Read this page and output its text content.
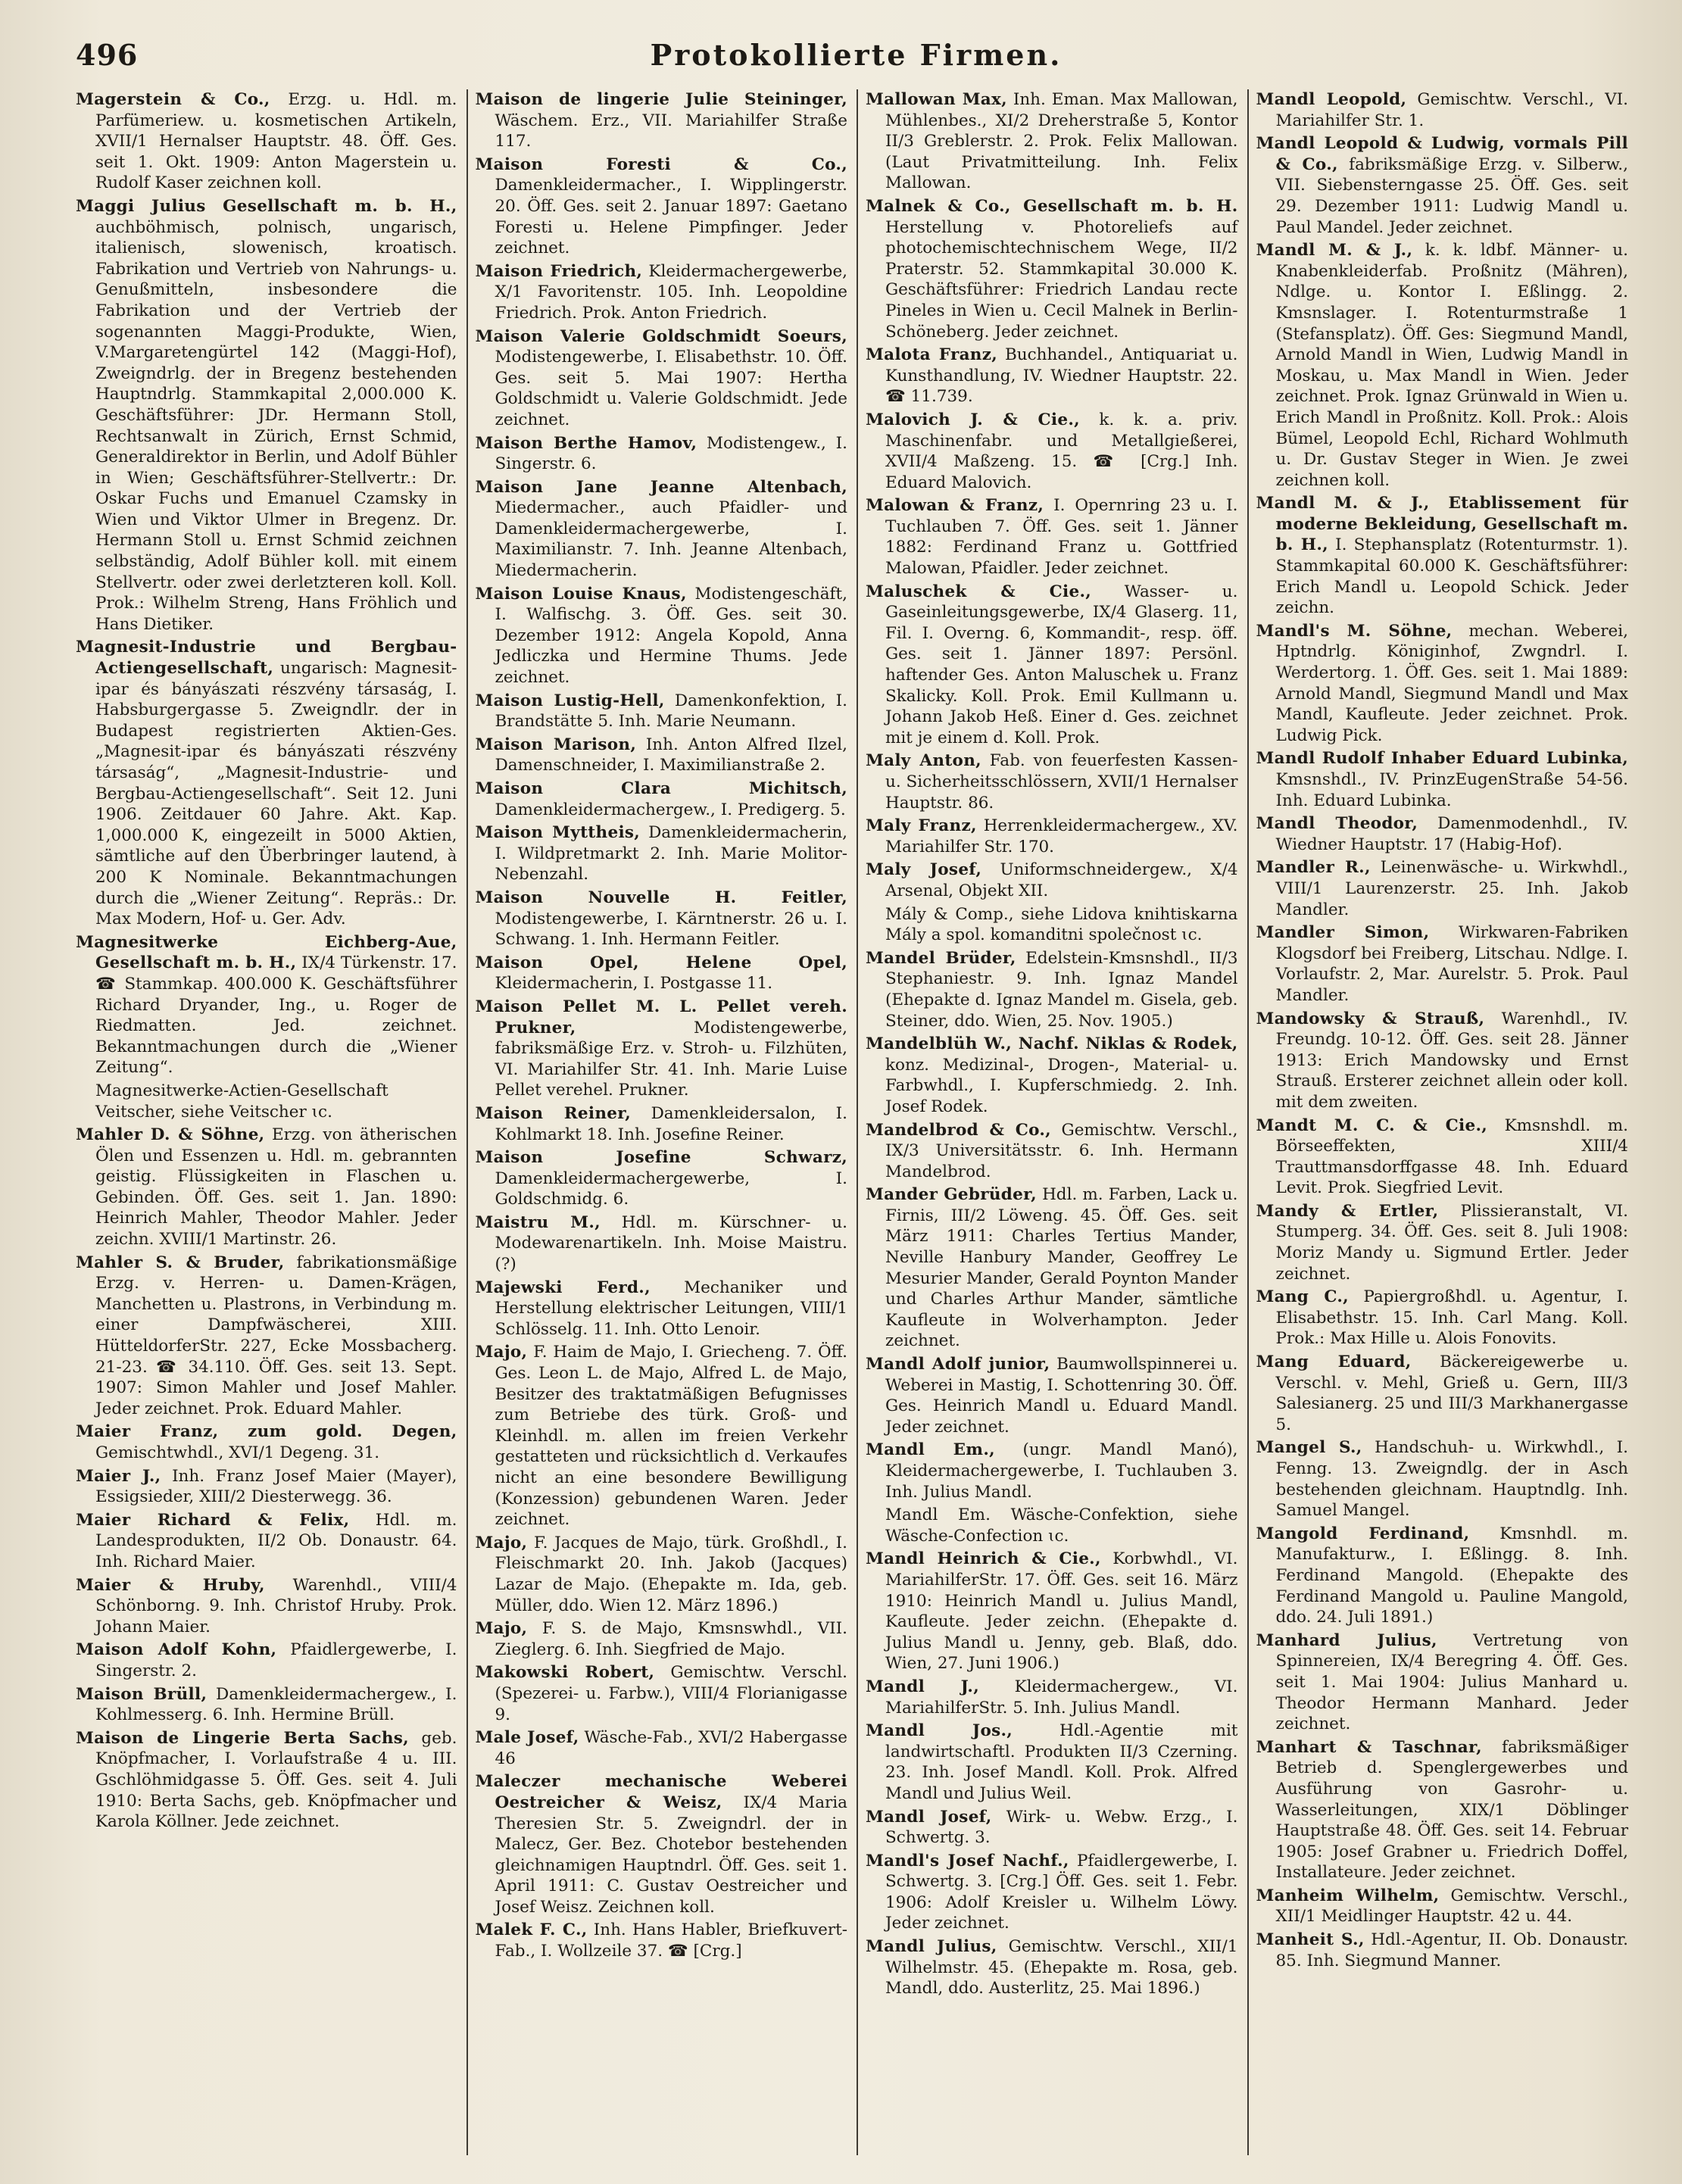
496	Protokollierte Firmen.

Magerstein & Co., Erzg. u. Hdl. m. Parfümeriew. u. kosmetischen Artikeln, XVII/1 Hernalser Hauptstr. 48. Öff. Ges. seit 1. Okt. 1909: Anton Magerstein u. Rudolf Kaser zeichnen koll.

Maggi Julius Gesellschaft m. b. H., auchböhmisch, polnisch, ungarisch, italienisch, slowenisch, kroatisch. Fabrikation und Vertrieb von Nahrungs- u. Genußmitteln, insbesondere die Fabrikation und der Vertrieb der sogenannten Maggi-Produkte, Wien, V.Margaretengürtel 142 (Maggi-Hof), Zweigndrlg. der in Bregenz bestehenden Hauptndrlg. Stammkapital 2,000.000 K. Geschäftsführer: JDr. Hermann Stoll, Rechtsanwalt in Zürich, Ernst Schmid, Generaldirektor in Berlin, und Adolf Bühler in Wien; Geschäftsführer-Stellvertr.: Dr. Oskar Fuchs und Emanuel Czamsky in Wien und Viktor Ulmer in Bregenz. Dr. Hermann Stoll u. Ernst Schmid zeichnen selbständig, Adolf Bühler koll. mit einem Stellvertr. oder zwei derletzteren koll. Koll. Prok.: Wilhelm Streng, Hans Fröhlich und Hans Dietiker.

Magnesit-Industrie und Bergbau-Actiengesellschaft, ungarisch: Magnesit-ipar és bányászati részvény társaság, I. Habsburgergasse 5. Zweigndlr. der in Budapest registrierten Aktien-Ges. „Magnesit-ipar és bányászati részvény társaság“, „Magnesit-Industrie- und Bergbau-Actiengesellschaft“. Seit 12. Juni 1906. Zeitdauer 60 Jahre. Akt. Kap. 1,000.000 K, eingezeilt in 5000 Aktien, sämtliche auf den Überbringer lautend, à 200 K Nominale. Bekanntmachungen durch die „Wiener Zeitung“. Repräs.: Dr. Max Modern, Hof- u. Ger. Adv.

Magnesitwerke Eichberg-Aue, Gesellschaft m. b. H., IX/4 Türkenstr. 17. ☎ Stammkap. 400.000 K. Geschäftsführer Richard Dryander, Ing., u. Roger de Riedmatten. Jed. zeichnet. Bekanntmachungen durch die „Wiener Zeitung“.

Magnesitwerke-Actien-Gesellschaft Veitscher, siehe Veitscher ɩc.

Mahler D. & Söhne, Erzg. von ätherischen Ölen und Essenzen u. Hdl. m. gebrannten geistig. Flüssigkeiten in Flaschen u. Gebinden. Öff. Ges. seit 1. Jan. 1890: Heinrich Mahler, Theodor Mahler. Jeder zeichn. XVIII/1 Martinstr. 26.

Mahler S. & Bruder, fabrikationsmäßige Erzg. v. Herren- u. Damen-Krägen, Manchetten u. Plastrons, in Verbindung m. einer Dampfwäscherei, XIII. HütteldorferStr. 227, Ecke Mossbacherg. 21-23. ☎ 34.110. Öff. Ges. seit 13. Sept. 1907: Simon Mahler und Josef Mahler. Jeder zeichnet. Prok. Eduard Mahler.

Maier Franz, zum gold. Degen, Gemischtwhdl., XVI/1 Degeng. 31.

Maier J., Inh. Franz Josef Maier (Mayer), Essigsieder, XIII/2 Diesterwegg. 36.

Maier Richard & Felix, Hdl. m. Landesprodukten, II/2 Ob. Donaustr. 64. Inh. Richard Maier.

Maier & Hruby, Warenhdl., VIII/4 Schönborng. 9. Inh. Christof Hruby. Prok. Johann Maier.

Maison Adolf Kohn, Pfaidlergewerbe, I. Singerstr. 2.

Maison Brüll, Damenkleidermachergew., I. Kohlmesserg. 6. Inh. Hermine Brüll.

Maison de Lingerie Berta Sachs, geb. Knöpfmacher, I. Vorlaufstraße 4 u. III. Gschlöhmidgasse 5. Öff. Ges. seit 4. Juli 1910: Berta Sachs, geb. Knöpfmacher und Karola Köllner. Jede zeichnet.

Maison de lingerie Julie Steininger, Wäschem. Erz., VII. Mariahilfer Straße 117.

Maison Foresti & Co., Damenkleidermacher., I. Wipplingerstr. 20. Öff. Ges. seit 2. Januar 1897: Gaetano Foresti u. Helene Pimpfinger. Jeder zeichnet.

Maison Friedrich, Kleidermachergewerbe, X/1 Favoritenstr. 105. Inh. Leopoldine Friedrich. Prok. Anton Friedrich.

Maison Valerie Goldschmidt Soeurs, Modistengewerbe, I. Elisabethstr. 10. Öff. Ges. seit 5. Mai 1907: Hertha Goldschmidt u. Valerie Goldschmidt. Jede zeichnet.

Maison Berthe Hamov, Modistengew., I. Singerstr. 6.

Maison Jane Jeanne Altenbach, Miedermacher., auch Pfaidler- und Damenkleidermachergewerbe, I. Maximilianstr. 7. Inh. Jeanne Altenbach, Miedermacherin.

Maison Louise Knaus, Modistengeschäft, I. Walfischg. 3. Öff. Ges. seit 30. Dezember 1912: Angela Kopold, Anna Jedliczka und Hermine Thums. Jede zeichnet.

Maison Lustig-Hell, Damenkonfektion, I. Brandstätte 5. Inh. Marie Neumann.

Maison Marison, Inh. Anton Alfred Ilzel, Damenschneider, I. Maximilianstraße 2.

Maison Clara Michitsch, Damenkleidermachergew., I. Predigerg. 5.

Maison Myttheis, Damenkleidermacherin, I. Wildpretmarkt 2. Inh. Marie Molitor-Nebenzahl.

Maison Nouvelle H. Feitler, Modistengewerbe, I. Kärntnerstr. 26 u. I. Schwang. 1. Inh. Hermann Feitler.

Maison Opel, Helene Opel, Kleidermacherin, I. Postgasse 11.

Maison Pellet M. L. Pellet vereh. Prukner,	Modistengewerbe, fabriksmäßige Erz. v. Stroh- u. Filzhüten, VI. Mariahilfer Str. 41. Inh. Marie Luise Pellet verehel. Prukner.

Maison Reiner, Damenkleidersalon, I. Kohlmarkt 18. Inh. Josefine Reiner.

Maison Josefine Schwarz, Damenkleidermachergewerbe, I. Goldschmidg. 6.

Maistru M., Hdl. m. Kürschner- u. Modewarenartikeln. Inh. Moise Maistru. (?)

Majewski Ferd., Mechaniker und Herstellung elektrischer Leitungen, VIII/1 Schlösselg. 11. Inh. Otto Lenoir.

Majo, F. Haim de Majo, I. Griecheng. 7. Öff. Ges. Leon L. de Majo, Alfred L. de Majo, Besitzer des traktatmäßigen Befugnisses zum Betriebe des türk. Groß- und Kleinhdl. m. allen im freien Verkehr gestatteten und rücksichtlich d. Verkaufes nicht an eine besondere Bewilligung (Konzession) gebundenen Waren. Jeder zeichnet.

Majo, F. Jacques de Majo, türk. Großhdl., I. Fleischmarkt 20. Inh. Jakob (Jacques) Lazar de Majo. (Ehepakte m. Ida, geb. Müller, ddo. Wien 12. März 1896.)

Majo, F. S. de Majo, Kmsnswhdl., VII. Zieglerg. 6. Inh. Siegfried de Majo.

Makowski Robert, Gemischtw. Verschl. (Spezerei- u. Farbw.), VIII/4 Florianigasse 9.

Male Josef, Wäsche-Fab., XVI/2 Habergasse 46

Maleczer mechanische Weberei Oestreicher & Weisz, IX/4 Maria Theresien Str. 5. Zweigndrl. der in Malecz, Ger. Bez. Chotebor bestehenden gleichnamigen Hauptndrl. Öff. Ges. seit 1. April 1911: C. Gustav Oestreicher und Josef Weisz. Zeichnen koll.

Malek F. C., Inh. Hans Habler, Briefkuvert-Fab., I. Wollzeile 37. ☎ [Crg.]

Mallowan Max, Inh. Eman. Max Mallowan, Mühlenbes., XI/2 Dreherstraße 5, Kontor II/3 Greblerstr. 2. Prok. Felix Mallowan. (Laut Privatmitteilung. Inh. Felix Mallowan.

Malnek & Co., Gesellschaft m. b. H. Herstellung v. Photoreliefs auf photochemischtechnischem Wege, II/2 Praterstr. 52. Stammkapital 30.000 K. Geschäftsführer: Friedrich Landau recte Pineles in Wien u. Cecil Malnek in Berlin-Schöneberg. Jeder zeichnet.

Malota Franz, Buchhandel., Antiquariat u. Kunsthandlung, IV. Wiedner Hauptstr. 22. ☎ 11.739.

Malovich J. & Cie., k. k. a. priv. Maschinenfabr. und Metallgießerei, XVII/4 Maßzeng. 15. ☎ [Crg.] Inh. Eduard Malovich.

Malowan & Franz, I. Opernring 23 u. I. Tuchlauben 7. Öff. Ges. seit 1. Jänner 1882: Ferdinand Franz u. Gottfried Malowan, Pfaidler. Jeder zeichnet.

Maluschek & Cie., Wasser- u. Gaseinleitungsgewerbe, IX/4 Glaserg. 11, Fil. I. Overng. 6, Kommandit-, resp. öff. Ges. seit 1. Jänner 1897: Persönl. haftender Ges. Anton Maluschek u. Franz Skalicky. Koll. Prok. Emil Kullmann u. Johann Jakob Heß. Einer d. Ges. zeichnet mit je einem d. Koll. Prok.

Maly Anton, Fab. von feuerfesten Kassen- u. Sicherheitsschlössern, XVII/1 Hernalser Hauptstr. 86.

Maly Franz, Herrenkleidermachergew., XV. Mariahilfer Str. 170.

Maly Josef, Uniformschneidergew., X/4 Arsenal, Objekt XII.

Mály & Comp., siehe Lidova knihtiskarna Mály a spol. komanditni společnost ɩc.

Mandel Brüder, Edelstein-Kmsnshdl., II/3 Stephaniestr. 9. Inh. Ignaz Mandel (Ehepakte d. Ignaz Mandel m. Gisela, geb. Steiner, ddo. Wien, 25. Nov. 1905.)

Mandelblüh W., Nachf. Niklas & Rodek, konz. Medizinal-, Drogen-, Material- u. Farbwhdl., I. Kupferschmiedg. 2. Inh. Josef Rodek.

Mandelbrod & Co., Gemischtw. Verschl., IX/3 Universitätsstr. 6. Inh. Hermann Mandelbrod.

Mander Gebrüder, Hdl. m. Farben, Lack u. Firnis, III/2 Löweng. 45. Öff. Ges. seit März 1911: Charles Tertius Mander, Neville Hanbury Mander, Geoffrey Le Mesurier Mander, Gerald Poynton Mander und Charles Arthur Mander, sämtliche Kaufleute in Wolverhampton. Jeder zeichnet.

Mandl Adolf junior, Baumwollspinnerei u. Weberei in Mastig, I. Schottenring 30. Öff. Ges. Heinrich Mandl u. Eduard Mandl. Jeder zeichnet.

Mandl Em., (ungr. Mandl Manó), Kleidermachergewerbe, I. Tuchlauben 3. Inh. Julius Mandl.

Mandl Em. Wäsche-Confektion, siehe Wäsche-Confection ɩc.

Mandl Heinrich & Cie., Korbwhdl., VI. MariahilferStr. 17. Öff. Ges. seit 16. März 1910: Heinrich Mandl u. Julius Mandl, Kaufleute. Jeder zeichn. (Ehepakte d. Julius Mandl u. Jenny, geb. Blaß, ddo. Wien, 27. Juni 1906.)

Mandl J., Kleidermachergew., VI. MariahilferStr. 5. Inh. Julius Mandl.

Mandl Jos.,	Hdl.-Agentie mit landwirtschaftl. Produkten II/3 Czerning. 23. Inh. Josef Mandl. Koll. Prok. Alfred Mandl und Julius Weil.

Mandl Josef, Wirk- u. Webw. Erzg., I. Schwertg. 3.

Mandl's Josef Nachf., Pfaidlergewerbe, I. Schwertg. 3. [Crg.] Öff. Ges. seit 1. Febr. 1906: Adolf Kreisler u. Wilhelm Löwy. Jeder zeichnet.

Mandl Julius, Gemischtw. Verschl., XII/1 Wilhelmstr. 45. (Ehepakte m. Rosa, geb. Mandl, ddo. Austerlitz, 25. Mai 1896.)

Mandl Leopold, Gemischtw. Verschl., VI. Mariahilfer Str. 1.

Mandl Leopold & Ludwig, vormals Pill & Co., fabriksmäßige Erzg. v. Silberw., VII. Siebensterngasse 25. Öff. Ges. seit 29. Dezember 1911: Ludwig Mandl u. Paul Mandel. Jeder zeichnet.

Mandl M. & J., k. k. ldbf. Männer- u. Knabenkleiderfab. Proßnitz (Mähren), Ndlge. u. Kontor I. Eßlingg. 2. Kmsnslager. I. Rotenturmstraße 1 (Stefansplatz). Öff. Ges: Siegmund Mandl, Arnold Mandl in Wien, Ludwig Mandl in Moskau, u. Max Mandl in Wien. Jeder zeichnet. Prok. Ignaz Grünwald in Wien u. Erich Mandl in Proßnitz. Koll. Prok.: Alois Bümel, Leopold Echl, Richard Wohlmuth u. Dr. Gustav Steger in Wien. Je zwei zeichnen koll.

Mandl M. & J., Etablissement für moderne Bekleidung, Gesellschaft m. b. H., I. Stephansplatz (Rotenturmstr. 1). Stammkapital 60.000 K. Geschäftsführer: Erich Mandl u. Leopold Schick. Jeder zeichn.

Mandl's M. Söhne, mechan. Weberei, Hptndrlg. Königinhof, Zwgndrl. I. Werdertorg. 1. Öff. Ges. seit 1. Mai 1889: Arnold Mandl, Siegmund Mandl und Max Mandl, Kaufleute. Jeder zeichnet. Prok. Ludwig Pick.

Mandl Rudolf Inhaber Eduard Lubinka, Kmsnshdl., IV. PrinzEugenStraße 54-56. Inh. Eduard Lubinka.

Mandl Theodor, Damenmodenhdl., IV. Wiedner Hauptstr. 17 (Habig-Hof).

Mandler R., Leinenwäsche- u. Wirkwhdl., VIII/1 Laurenzerstr. 25. Inh. Jakob Mandler.

Mandler Simon, Wirkwaren-Fabriken Klogsdorf bei Freiberg, Litschau. Ndlge. I. Vorlaufstr. 2, Mar. Aurelstr. 5. Prok. Paul Mandler.

Mandowsky & Strauß, Warenhdl., IV. Freundg. 10-12. Öff. Ges. seit 28. Jänner 1913: Erich Mandowsky und Ernst Strauß. Ersterer zeichnet allein oder koll. mit dem zweiten.

Mandt M. C. & Cie., Kmsnshdl. m. Börseeffekten, XIII/4 Trauttmansdorffgasse 48. Inh. Eduard Levit. Prok. Siegfried Levit.

Mandy & Ertler, Plissieranstalt, VI. Stumperg. 34. Öff. Ges. seit 8. Juli 1908: Moriz Mandy u. Sigmund Ertler. Jeder zeichnet.

Mang C., Papiergroßhdl. u. Agentur, I. Elisabethstr. 15. Inh. Carl Mang. Koll. Prok.: Max Hille u. Alois Fonovits.

Mang Eduard, Bäckereigewerbe u. Verschl. v. Mehl, Grieß u. Gern, III/3 Salesianerg. 25 und III/3 Markhanergasse 5.

Mangel S., Handschuh- u. Wirkwhdl., I. Fenng. 13. Zweigndlg. der in Asch bestehenden gleichnam. Hauptndlg. Inh. Samuel Mangel.

Mangold Ferdinand, Kmsnhdl. m. Manufakturw., I. Eßlingg. 8. Inh. Ferdinand Mangold. (Ehepakte des Ferdinand Mangold u. Pauline Mangold, ddo. 24. Juli 1891.)

Manhard Julius, Vertretung von Spinnereien, IX/4 Beregring 4. Öff. Ges. seit 1. Mai 1904: Julius Manhard u. Theodor Hermann Manhard. Jeder zeichnet.

Manhart & Taschnar, fabriksmäßiger Betrieb d. Spenglergewerbes und Ausführung von Gasrohr- u. Wasserleitungen, XIX/1 Döblinger Hauptstraße 48. Öff. Ges. seit 14. Februar 1905: Josef Grabner u. Friedrich Doffel, Installateure. Jeder zeichnet.

Manheim Wilhelm, Gemischtw. Verschl., XII/1 Meidlinger Hauptstr. 42 u. 44.

Manheit S., Hdl.-Agentur, II. Ob. Donaustr. 85. Inh. Siegmund Manner.
